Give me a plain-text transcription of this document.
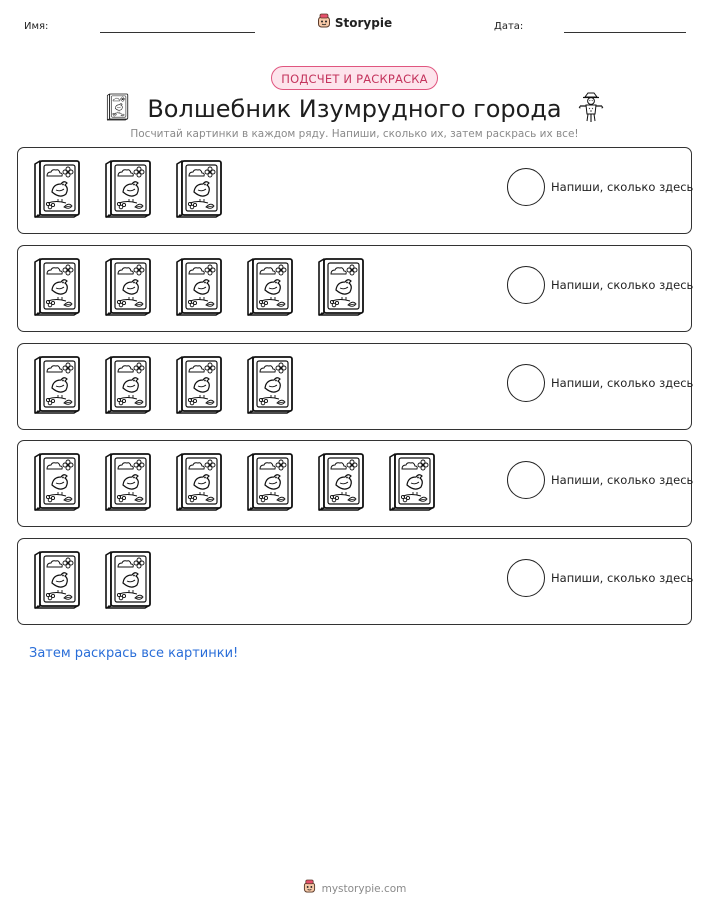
Имя:	Storypie	Дата:
ПОДСЧЕТ И РАСКРАСКА
Волшебник Изумрудного города
Посчитай картинки в каждом ряду. Напиши, сколько их, затем раскрась их все!
Напиши, сколько здесь
Напиши, сколько здесь
Напиши, сколько здесь
Напиши, сколько здесь
Напиши, сколько здесь
Затем раскрась все картинки!
mystorypie.com
